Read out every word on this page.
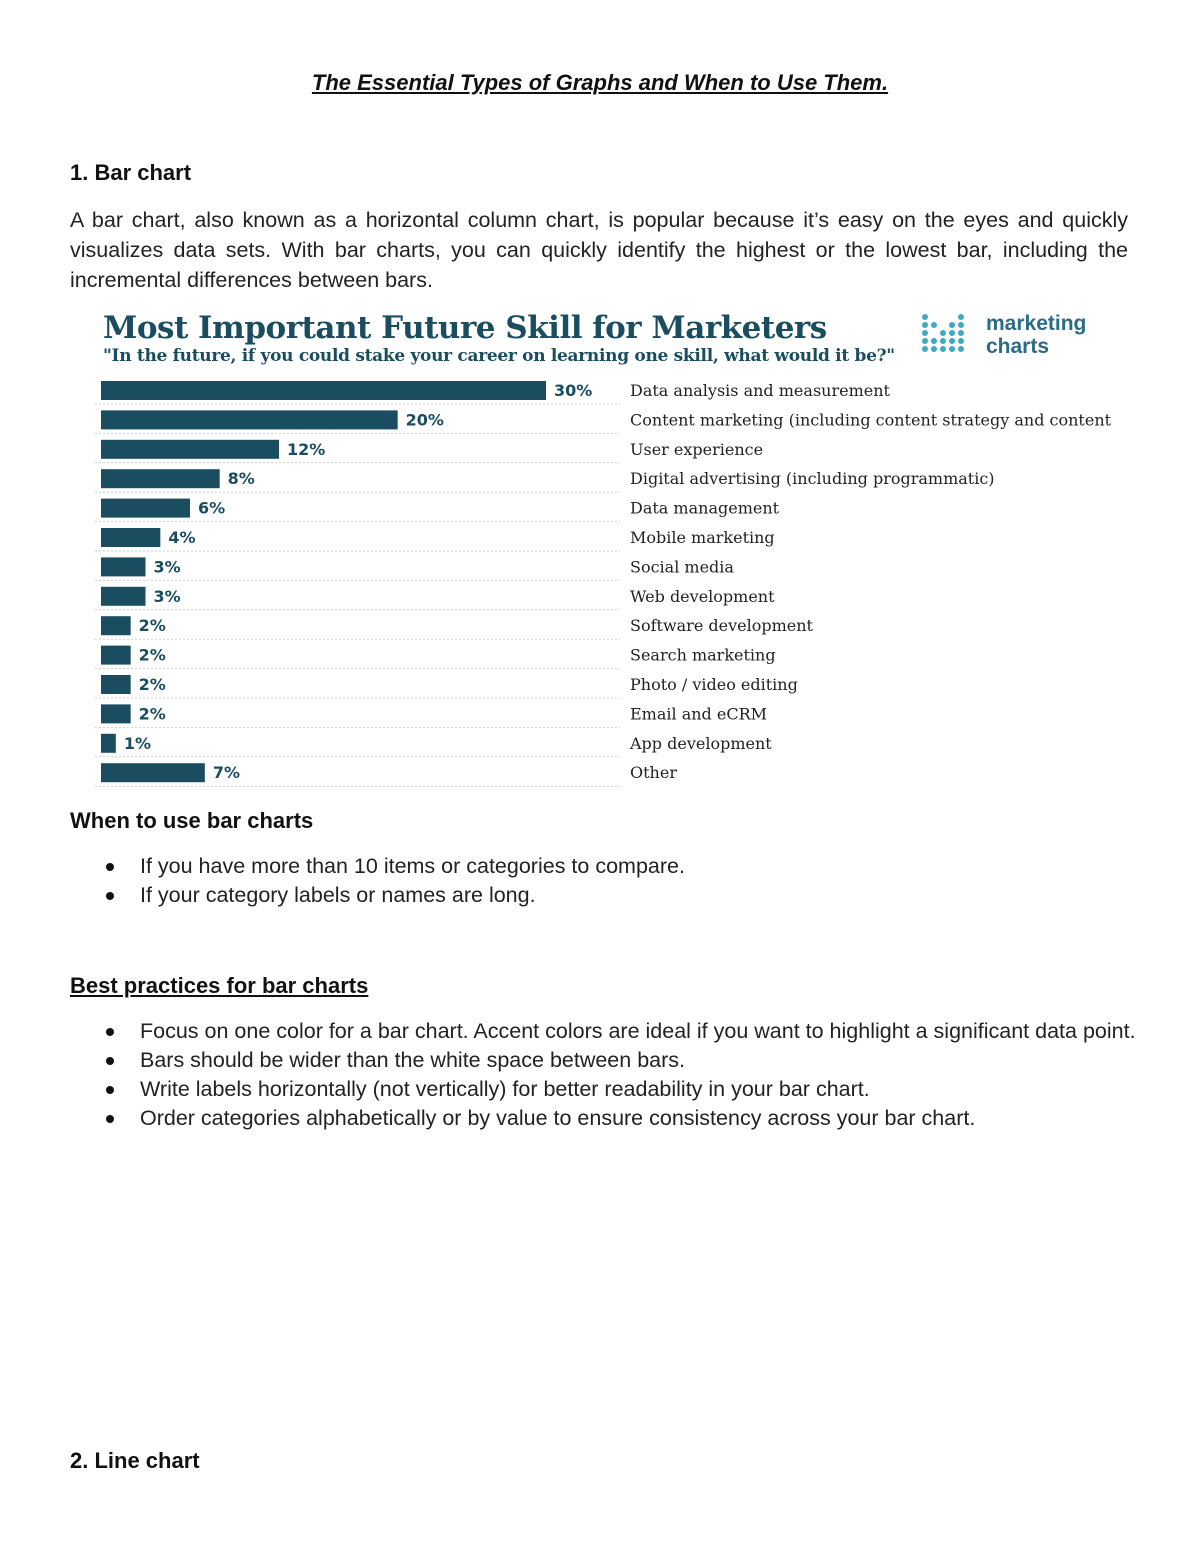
The Essential Types of Graphs and When to Use Them.
1. Bar chart
A bar chart, also known as a horizontal column chart, is popular because it’s easy on the eyes and quickly visualizes data sets. With bar charts, you can quickly identify the highest or the lowest bar, including the incremental differences between bars.
Most Important Future Skill for Marketers
"In the future, if you could stake your career on learning one skill, what would it be?"
marketing
charts
30% Data analysis and measurement
20%	Content marketing (including content strategy and content
12%	User experience
8%	Digital advertising (including programmatic)
6%	Data management
4%	Mobile marketing
3%	Social media
3%	Web development
2%	Software development
2%	Search marketing
2%	Photo / video editing
2%	Email and eCRM
1%	App development
7%	Other
When to use bar charts
If you have more than 10 items or categories to compare.
If your category labels or names are long.
Best practices for bar charts
Focus on one color for a bar chart. Accent colors are ideal if you want to highlight a significant data point.
Bars should be wider than the white space between bars.
Write labels horizontally (not vertically) for better readability in your bar chart.
Order categories alphabetically or by value to ensure consistency across your bar chart.
2. Line chart
